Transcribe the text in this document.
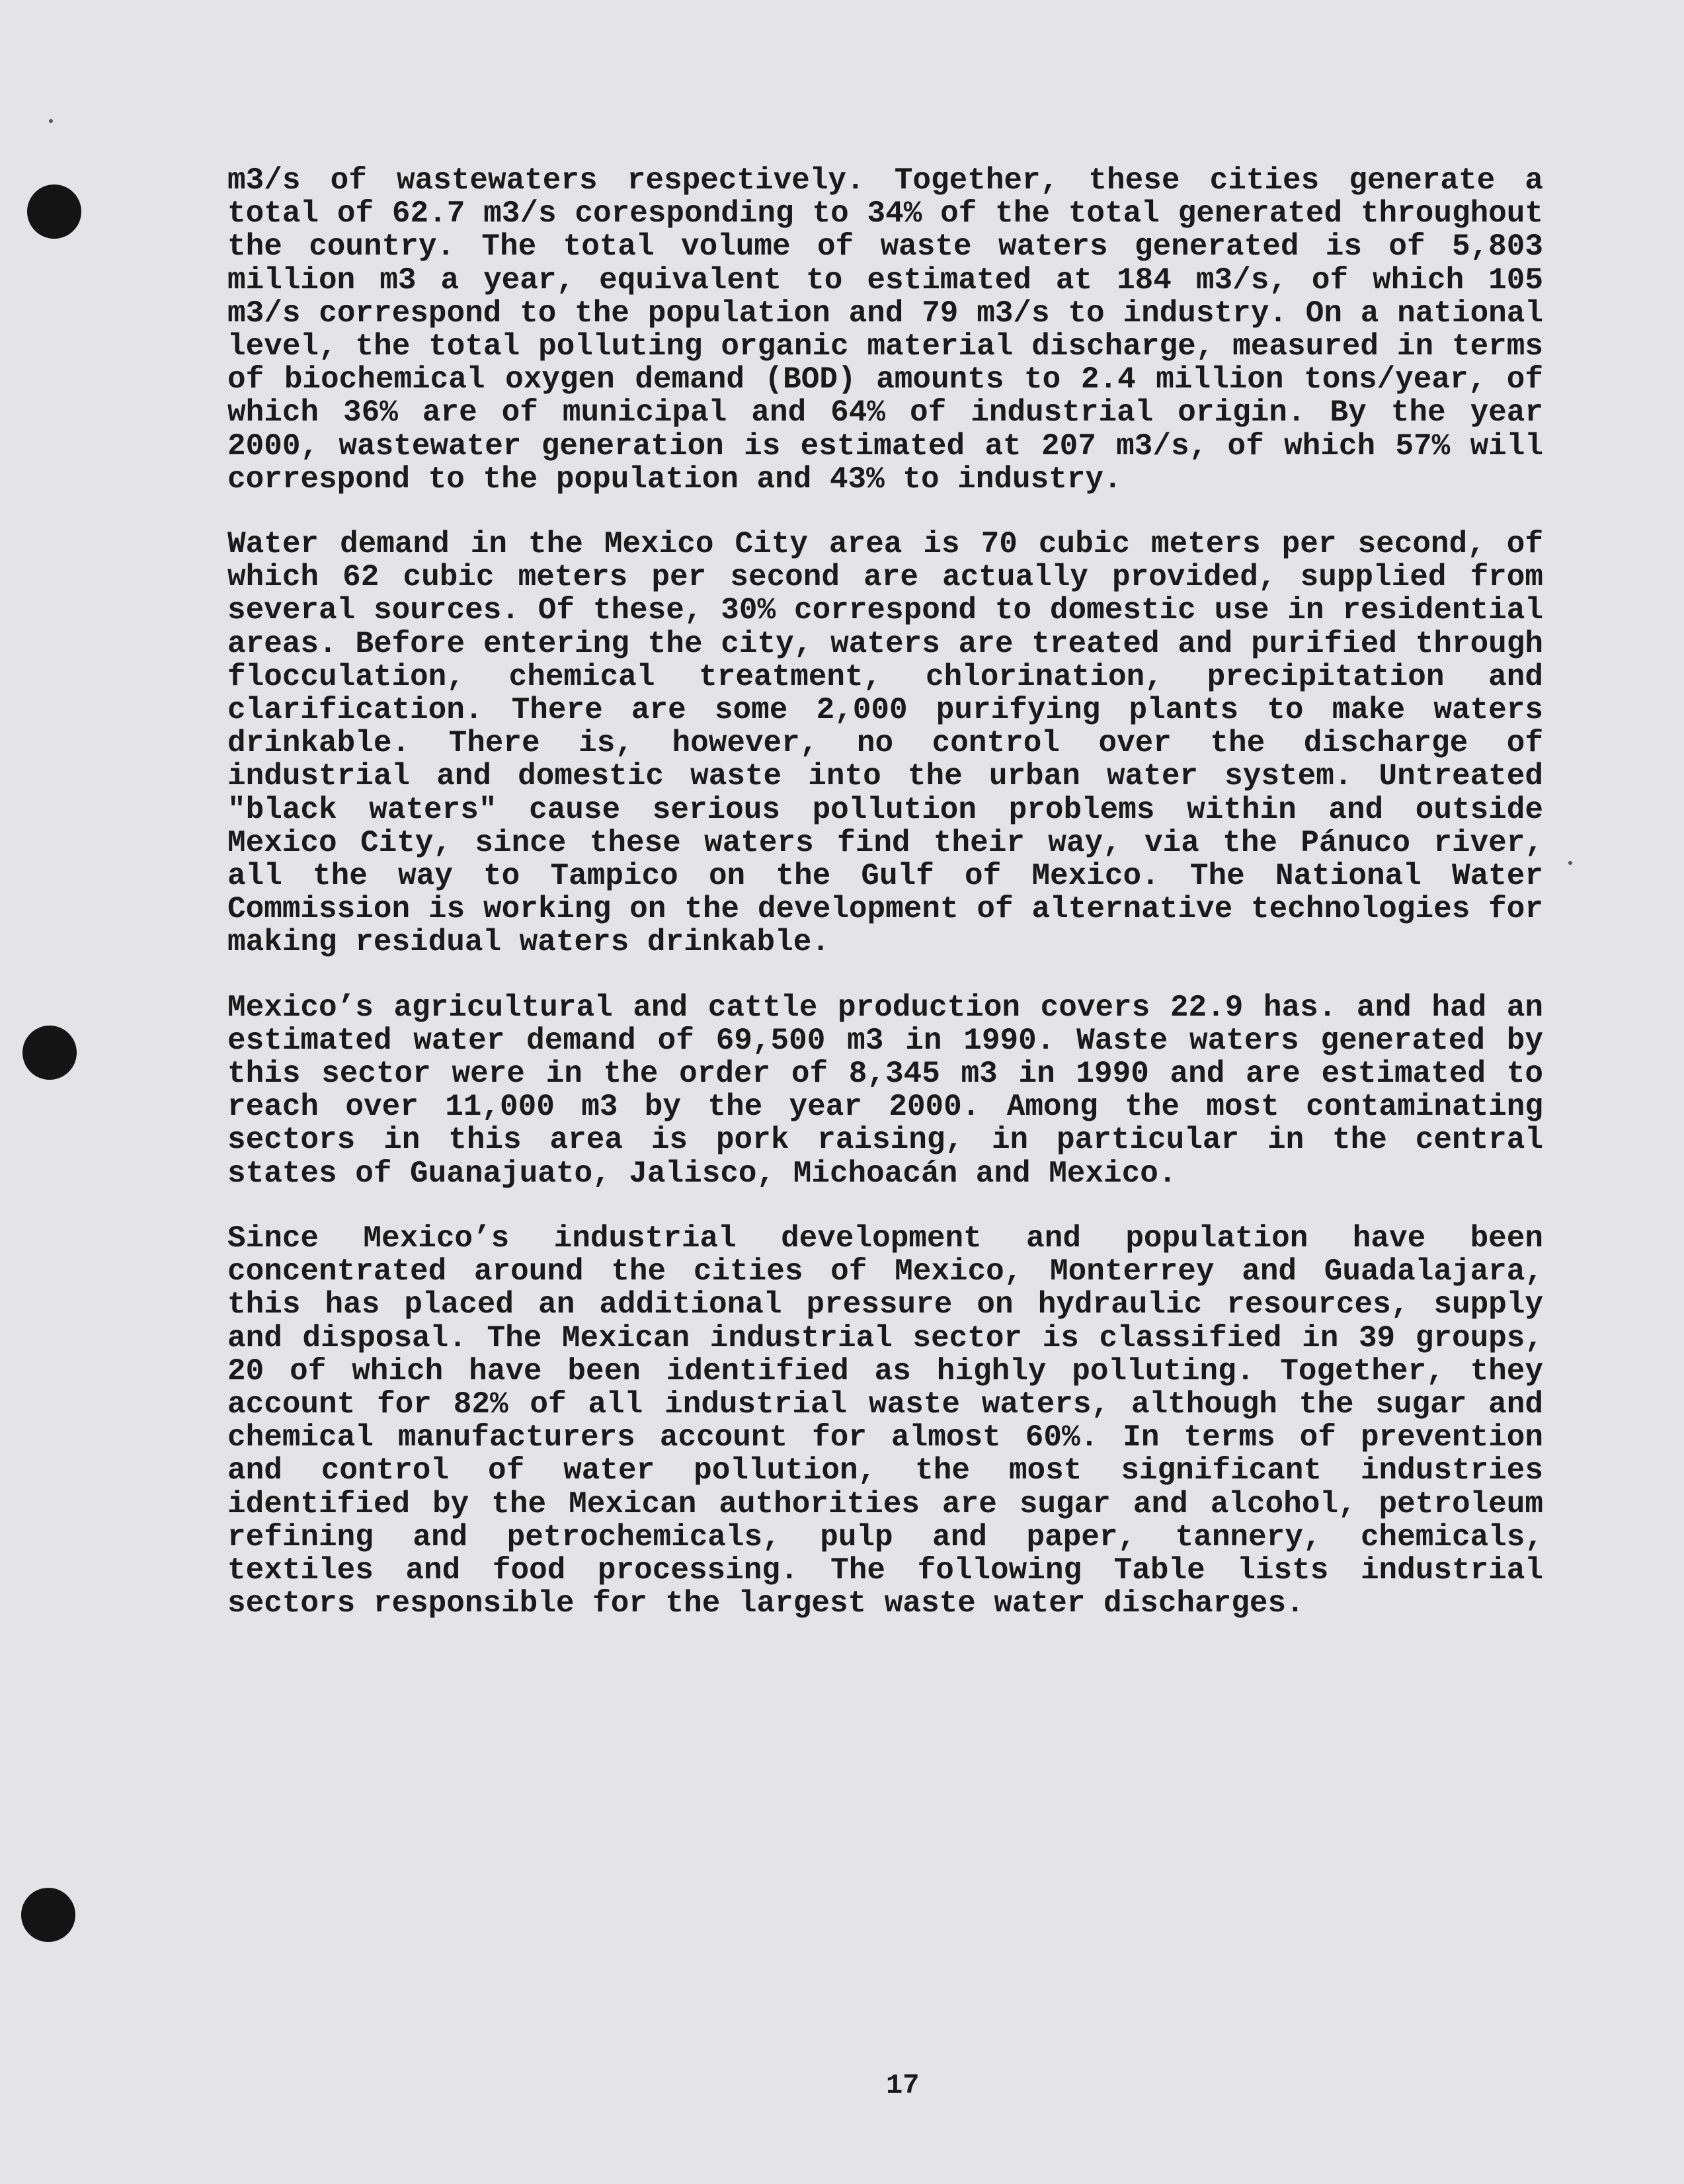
m3/s of wastewaters respectively. Together, these cities generate a total of 62.7 m3/s coresponding to 34% of the total generated throughout the country. The total volume of waste waters generated is of 5,803 million m3 a year, equivalent to estimated at 184 m3/s, of which 105 m3/s correspond to the population and 79 m3/s to industry. On a national level, the total polluting organic material discharge, measured in terms of biochemical oxygen demand (BOD) amounts to 2.4 million tons/year, of which 36% are of municipal and 64% of industrial origin. By the year 2000, wastewater generation is estimated at 207 m3/s, of which 57% will correspond to the population and 43% to industry.

Water demand in the Mexico City area is 70 cubic meters per second, of which 62 cubic meters per second are actually provided, supplied from several sources. Of these, 30% correspond to domestic use in residential areas. Before entering the city, waters are treated and purified through flocculation, chemical treatment, chlorination, precipitation and clarification. There are some 2,000 purifying plants to make waters drinkable. There is, however, no control over the discharge of industrial and domestic waste into the urban water system. Untreated "black waters" cause serious pollution problems within and outside Mexico City, since these waters find their way, via the Pánuco river, all the way to Tampico on the Gulf of Mexico. The National Water Commission is working on the development of alternative technologies for making residual waters drinkable.

Mexico’s agricultural and cattle production covers 22.9 has. and had an estimated water demand of 69,500 m3 in 1990. Waste waters generated by this sector were in the order of 8,345 m3 in 1990 and are estimated to reach over 11,000 m3 by the year 2000. Among the most contaminating sectors in this area is pork raising, in particular in the central states of Guanajuato, Jalisco, Michoacán and Mexico.

Since Mexico’s industrial development and population have been concentrated around the cities of Mexico, Monterrey and Guadalajara, this has placed an additional pressure on hydraulic resources, supply and disposal. The Mexican industrial sector is classified in 39 groups, 20 of which have been identified as highly polluting. Together, they account for 82% of all industrial waste waters, although the sugar and chemical manufacturers account for almost 60%. In terms of prevention and control of water pollution, the most significant industries identified by the Mexican authorities are sugar and alcohol, petroleum refining and petrochemicals, pulp and paper, tannery, chemicals, textiles and food processing. The following Table lists industrial sectors responsible for the largest waste water discharges.

17
